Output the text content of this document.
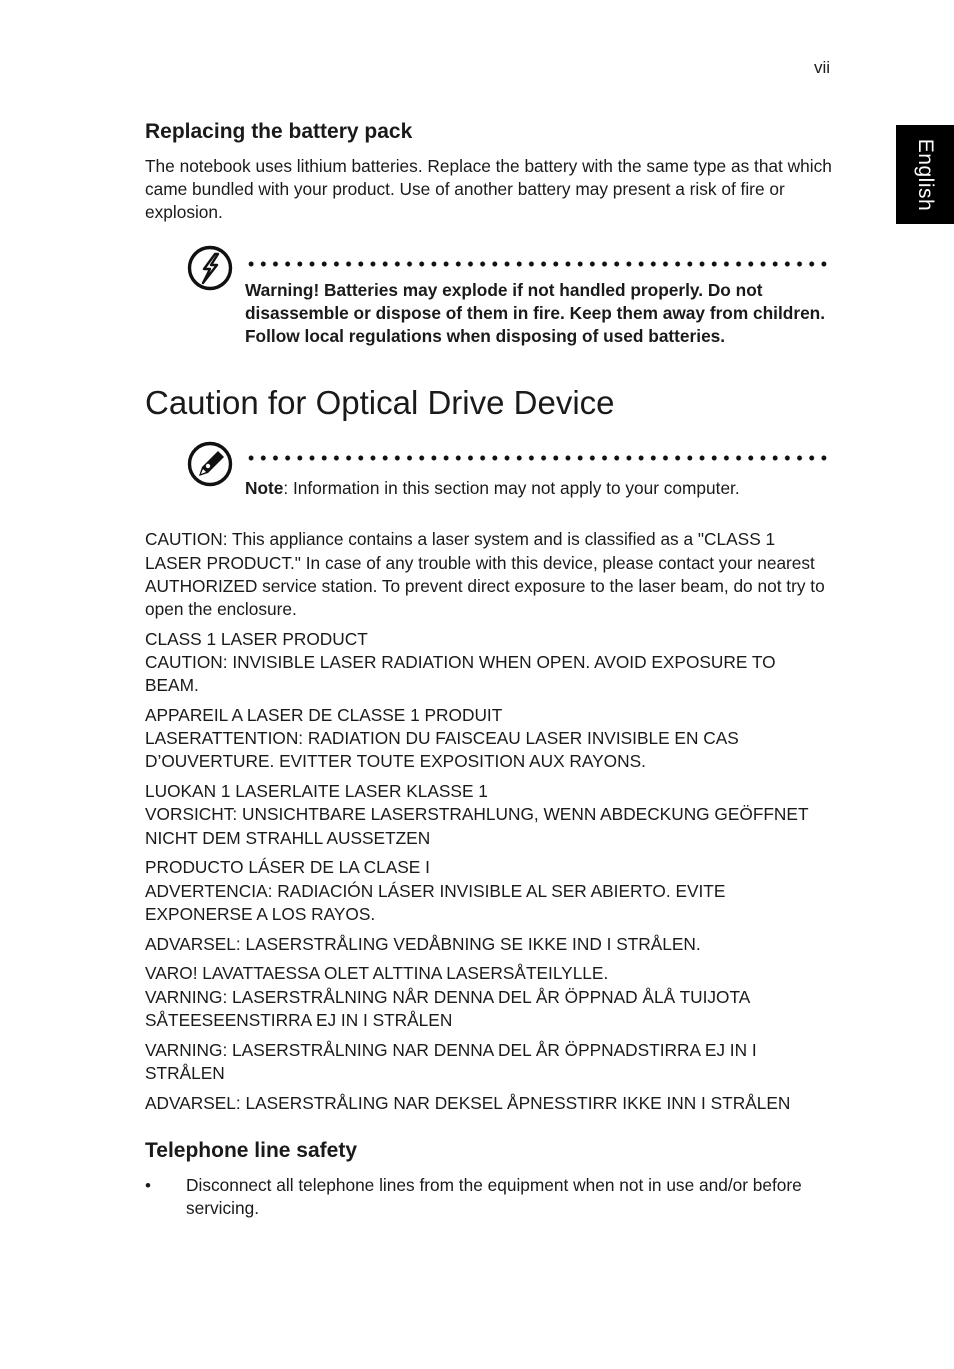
vii
English
Replacing the battery pack

The notebook uses lithium batteries. Replace the battery with the same type as that which came bundled with your product. Use of another battery may present a risk of fire or explosion.

Warning! Batteries may explode if not handled properly. Do not disassemble or dispose of them in fire. Keep them away from children. Follow local regulations when disposing of used batteries.

Caution for Optical Drive Device

Note: Information in this section may not apply to your computer.

CAUTION: This appliance contains a laser system and is classified as a "CLASS 1 LASER PRODUCT." In case of any trouble with this device, please contact your nearest AUTHORIZED service station. To prevent direct exposure to the laser beam, do not try to open the enclosure.

CLASS 1 LASER PRODUCT
CAUTION: INVISIBLE LASER RADIATION WHEN OPEN. AVOID EXPOSURE TO BEAM.

APPAREIL A LASER DE CLASSE 1 PRODUIT
LASERATTENTION: RADIATION DU FAISCEAU LASER INVISIBLE EN CAS D’OUVERTURE. EVITTER TOUTE EXPOSITION AUX RAYONS.

LUOKAN 1 LASERLAITE LASER KLASSE 1
VORSICHT: UNSICHTBARE LASERSTRAHLUNG, WENN ABDECKUNG GEÖFFNET NICHT DEM STRAHLL AUSSETZEN

PRODUCTO LÁSER DE LA CLASE I
ADVERTENCIA: RADIACIÓN LÁSER INVISIBLE AL SER ABIERTO. EVITE EXPONERSE A LOS RAYOS.

ADVARSEL: LASERSTRÅLING VEDÅBNING SE IKKE IND I STRÅLEN.

VARO! LAVATTAESSA OLET ALTTINA LASERSÅTEILYLLE.
VARNING: LASERSTRÅLNING NÅR DENNA DEL ÅR ÖPPNAD ÅLÅ TUIJOTA SÅTEESEENSTIRRA EJ IN I STRÅLEN

VARNING: LASERSTRÅLNING NAR DENNA DEL ÅR ÖPPNADSTIRRA EJ IN I STRÅLEN

ADVARSEL: LASERSTRÅLING NAR DEKSEL ÅPNESSTIRR IKKE INN I STRÅLEN

Telephone line safety
•	Disconnect all telephone lines from the equipment when not in use and/or before servicing.
